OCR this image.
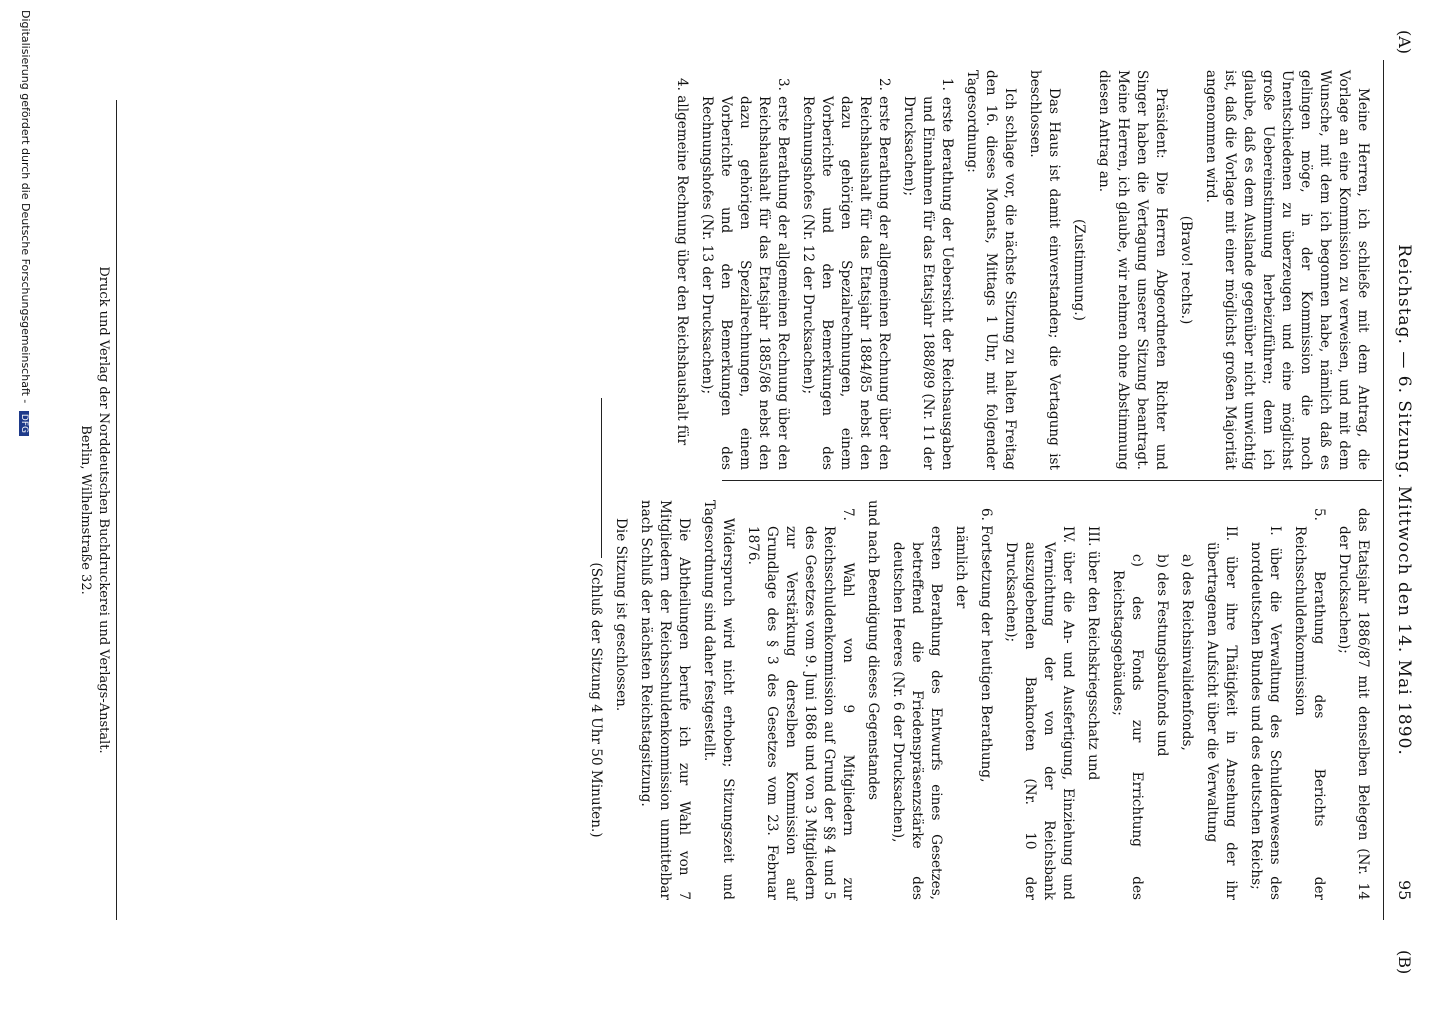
(A)
Reichstag. — 6. Sitzung. Mittwoch den 14. Mai 1890.
95
(B)

Meine Herren, ich schließe mit dem Antrag, die Vorlage an eine Kommission zu verweisen, und mit dem Wunsche, mit dem ich begonnen habe, nämlich daß es gelingen möge, in der Kommission die noch Unentschiedenen zu überzeugen und eine möglichst große Uebereinstimmung herbeizuführen; denn ich glaube, daß es dem Auslande gegenüber nicht unwichtig ist, daß die Vorlage mit einer möglichst großen Majorität angenommen wird.

(Bravo! rechts.)

Präsident: Die Herren Abgeordneten Richter und Singer haben die Vertagung unserer Sitzung beantragt. Meine Herren, ich glaube, wir nehmen ohne Abstimmung diesen Antrag an.

(Zustimmung.)

Das Haus ist damit einverstanden; die Vertagung ist beschlossen.

Ich schlage vor, die nächste Sitzung zu halten Freitag den 16. dieses Monats, Mittags 1 Uhr, mit folgender Tagesordnung:

1. erste Berathung der Uebersicht der Reichsausgaben und Einnahmen für das Etatsjahr 1888/89 (Nr. 11 der Drucksachen);

2. erste Berathung der allgemeinen Rechnung über den Reichshaushalt für das Etatsjahr 1884/85 nebst den dazu gehörigen Spezialrechnungen, einem Vorberichte und den Bemerkungen des Rechnungshofes (Nr. 12 der Drucksachen);

3. erste Berathung der allgemeinen Rechnung über den Reichshaushalt für das Etatsjahr 1885/86 nebst den dazu gehörigen Spezialrechnungen, einem Vorberichte und den Bemerkungen des Rechnungshofes (Nr. 13 der Drucksachen);

4. allgemeine Rechnung über den Reichshaushalt für

das Etatsjahr 1886/87 mit denselben Belegen (Nr. 14 der Drucksachen);

5. Berathung des Berichts der Reichsschuldenkommission

I. über die Verwaltung des Schuldenwesens des norddeutschen Bundes und des deutschen Reichs;

II. über ihre Thätigkeit in Ansehung der ihr übertragenen Aufsicht über die Verwaltung

a) des Reichsinvalidenfonds,

b) des Festungsbaufonds und

c) des Fonds zur Errichtung des Reichstagsgebäudes;

III. über den Reichskriegsschatz und

IV. über die An- und Ausfertigung, Einziehung und Vernichtung der von der Reichsbank auszugebenden Banknoten (Nr. 10 der Drucksachen);

6. Fortsetzung der heutigen Berathung,

nämlich der

ersten Berathung des Entwurfs eines Gesetzes, betreffend die Friedenspräsenzstärke des deutschen Heeres (Nr. 6 der Drucksachen),

und nach Beendigung dieses Gegenstandes

7. Wahl von 9 Mitgliedern zur Reichsschuldenkommission auf Grund der §§ 4 und 5 des Gesetzes vom 9. Juni 1868 und von 3 Mitgliedern zur Verstärkung derselben Kommission auf Grundlage des § 3 des Gesetzes vom 23. Februar 1876.

Widerspruch wird nicht erhoben; Sitzungszeit und Tagesordnung sind daher festgestellt.

Die Abtheilungen berufe ich zur Wahl von 7 Mitgliedern der Reichsschuldenkommission unmittelbar nach Schluß der nächsten Reichstagsitzung.

Die Sitzung ist geschlossen.

(Schluß der Sitzung 4 Uhr 50 Minuten.)

Druck und Verlag der Norddeutschen Buchdruckerei und Verlags-Anstalt.
Berlin, Wilhelmstraße 32.
Digitalisierung gefördert durch die Deutsche Forschungsgemeinschaft - DFG
